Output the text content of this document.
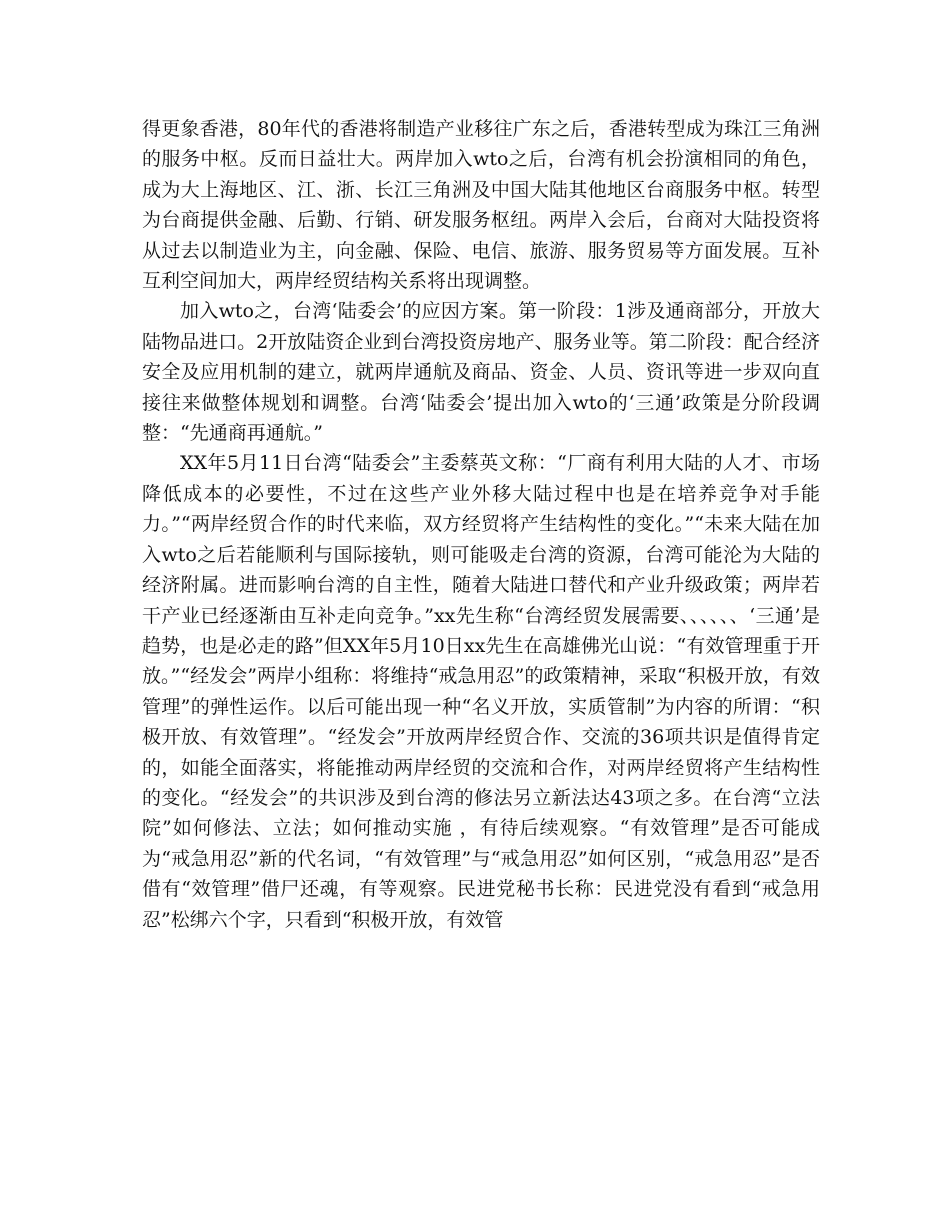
得更象香港，80年代的香港将制造产业移往广东之后，香港转型成为珠江三角洲的服务中枢。反而日益壮大。两岸加入wto之后，台湾有机会扮演相同的角色，成为大上海地区、江、浙、长江三角洲及中国大陆其他地区台商服务中枢。转型为台商提供金融、后勤、行销、研发服务枢纽。两岸入会后，台商对大陆投资将从过去以制造业为主，向金融、保险、电信、旅游、服务贸易等方面发展。互补互利空间加大，两岸经贸结构关系将出现调整。

加入wto之，台湾‘陆委会’的应因方案。第一阶段：1涉及通商部分，开放大陆物品进口。2开放陆资企业到台湾投资房地产、服务业等。第二阶段：配合经济安全及应用机制的建立，就两岸通航及商品、资金、人员、资讯等进一步双向直接往来做整体规划和调整。台湾‘陆委会’提出加入wto的‘三通’政策是分阶段调整：“先通商再通航。”

XX年5月11日台湾“陆委会”主委蔡英文称：“厂商有利用大陆的人才、市场降低成本的必要性，不过在这些产业外移大陆过程中也是在培养竞争对手能力。”“两岸经贸合作的时代来临，双方经贸将产生结构性的变化。”“未来大陆在加入wto之后若能顺利与国际接轨，则可能吸走台湾的资源，台湾可能沦为大陆的经济附属。进而影响台湾的自主性，随着大陆进口替代和产业升级政策；两岸若干产业已经逐渐由互补走向竞争。”xx先生称“台湾经贸发展需要、、、、、、‘三通’是趋势，也是必走的路”但XX年5月10日xx先生在高雄佛光山说：“有效管理重于开放。”“经发会”两岸小组称：将维持“戒急用忍”的政策精神，采取“积极开放，有效管理”的弹性运作。以后可能出现一种“名义开放，实质管制”为内容的所谓：“积极开放、有效管理”。“经发会”开放两岸经贸合作、交流的36项共识是值得肯定的，如能全面落实，将能推动两岸经贸的交流和合作，对两岸经贸将产生结构性的变化。“经发会”的共识涉及到台湾的修法另立新法达43项之多。在台湾“立法院”如何修法、立法；如何推动实施 ，有待后续观察。“有效管理”是否可能成为“戒急用忍”新的代名词，“有效管理”与“戒急用忍”如何区别，“戒急用忍”是否借有“效管理”借尸还魂，有等观察。民进党秘书长称：民进党没有看到“戒急用忍”松绑六个字，只看到“积极开放，有效管
